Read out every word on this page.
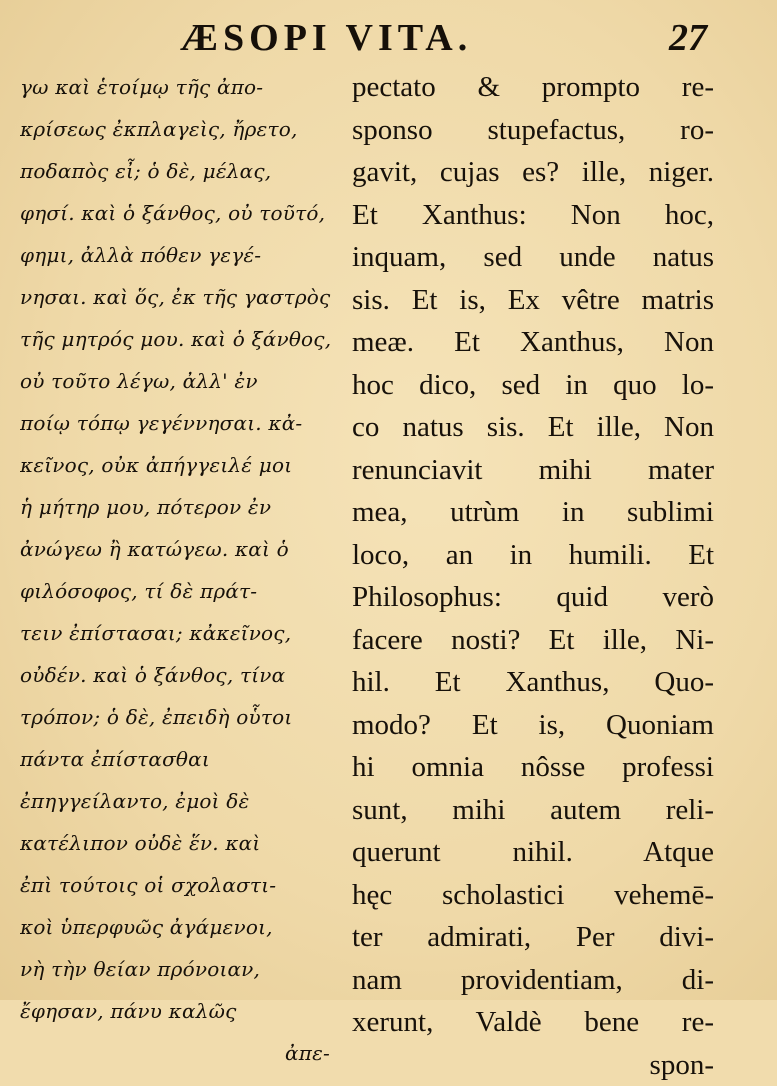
ÆSOPI VITA.	27
γω καὶ ἑτοίμῳ τῆς ἀπο-
κρίσεως ἐκπλαγεὶς, ἤρετο,
ποδαπὸς εἶ; ὁ δὲ, μέλας,
φησί. καὶ ὁ ξάνθος, οὐ τοῦτό,
φημι, ἀλλὰ πόθεν γεγέ-
νησαι. καὶ ὅς, ἐκ τῆς γαστρὸς
τῆς μητρός μου. καὶ ὁ ξάνθος,
οὐ τοῦτο λέγω, ἀλλ' ἐν
ποίῳ τόπῳ γεγέννησαι. κἀ-
κεῖνος, οὐκ ἀπήγγειλέ μοι
ἡ μήτηρ μου, πότερον ἐν
ἀνώγεω ἢ κατώγεω. καὶ ὁ
φιλόσοφος, τί δὲ πράτ-
τειν ἐπίστασαι; κἀκεῖνος,
οὐδέν. καὶ ὁ ξάνθος, τίνα
τρόπον; ὁ δὲ, ἐπειδὴ οὗτοι
πάντα ἐπίστασθαι
ἐπηγγείλαντο, ἐμοὶ δὲ
κατέλιπον οὐδὲ ἕν. καὶ
ἐπὶ τούτοις οἱ σχολαστι-
κοὶ ὑπερφυῶς ἀγάμενοι,
νὴ τὴν θείαν πρόνοιαν,
ἔφησαν, πάνυ καλῶς
ἀπε-
pectato & prompto re-
sponso stupefactus, ro-
gavit, cujas es? ille, niger.
Et Xanthus: Non hoc,
inquam, sed unde natus
sis. Et is, Ex vêtre matris
meæ. Et Xanthus, Non
hoc dico, sed in quo lo-
co natus sis. Et ille, Non
renunciavit mihi mater
mea, utrùm in sublimi
loco, an in humili. Et
Philosophus: quid verò
facere nosti? Et ille, Ni-
hil. Et Xanthus, Quo-
modo? Et is, Quoniam
hi omnia nôsse professi
sunt, mihi autem reli-
querunt nihil. Atque
hęc scholastici vehemē-
ter admirati, Per divi-
nam providentiam, di-
xerunt, Valdè bene re-
spon-
